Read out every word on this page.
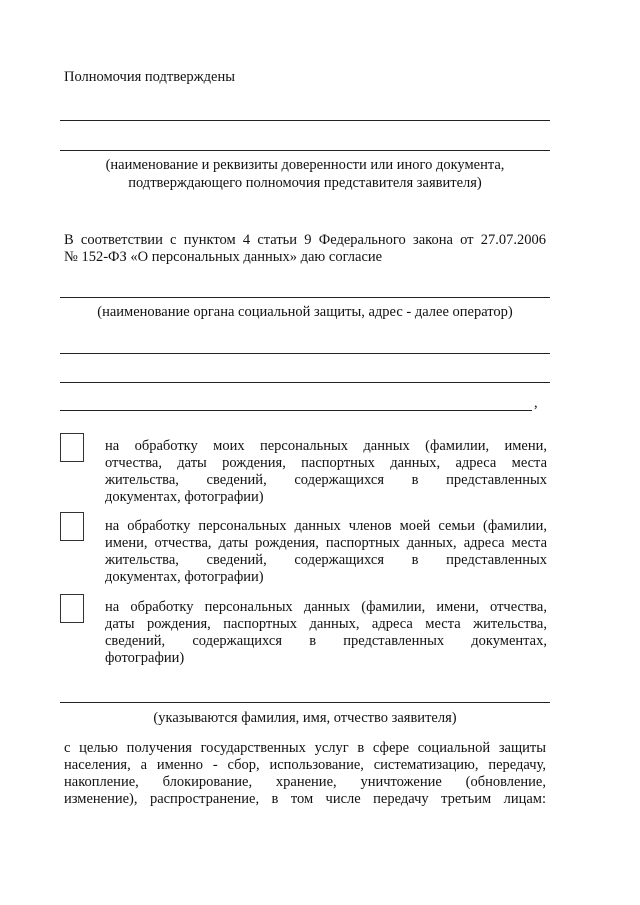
Полномочия подтверждены
(наименование и реквизиты доверенности или иного документа,
подтверждающего полномочия представителя заявителя)
В соответствии с пунктом 4 статьи 9 Федерального закона от 27.07.2006
№ 152-ФЗ «О персональных данных» даю согласие
(наименование органа социальной защиты, адрес - далее оператор)
,
на обработку моих персональных данных (фамилии, имени,
отчества, даты рождения, паспортных данных, адреса места
жительства, сведений, содержащихся в представленных
документах, фотографии)
на обработку персональных данных членов моей семьи (фамилии,
имени, отчества, даты рождения, паспортных данных, адреса места
жительства, сведений, содержащихся в представленных
документах, фотографии)
на обработку персональных данных (фамилии, имени, отчества,
даты рождения, паспортных данных, адреса места жительства,
сведений, содержащихся в представленных документах,
фотографии)
(указываются фамилия, имя, отчество заявителя)
с целью получения государственных услуг в сфере социальной защиты
населения, а именно - сбор, использование, систематизацию, передачу,
накопление, блокирование, хранение, уничтожение (обновление,
изменение), распространение, в том числе передачу третьим лицам:
